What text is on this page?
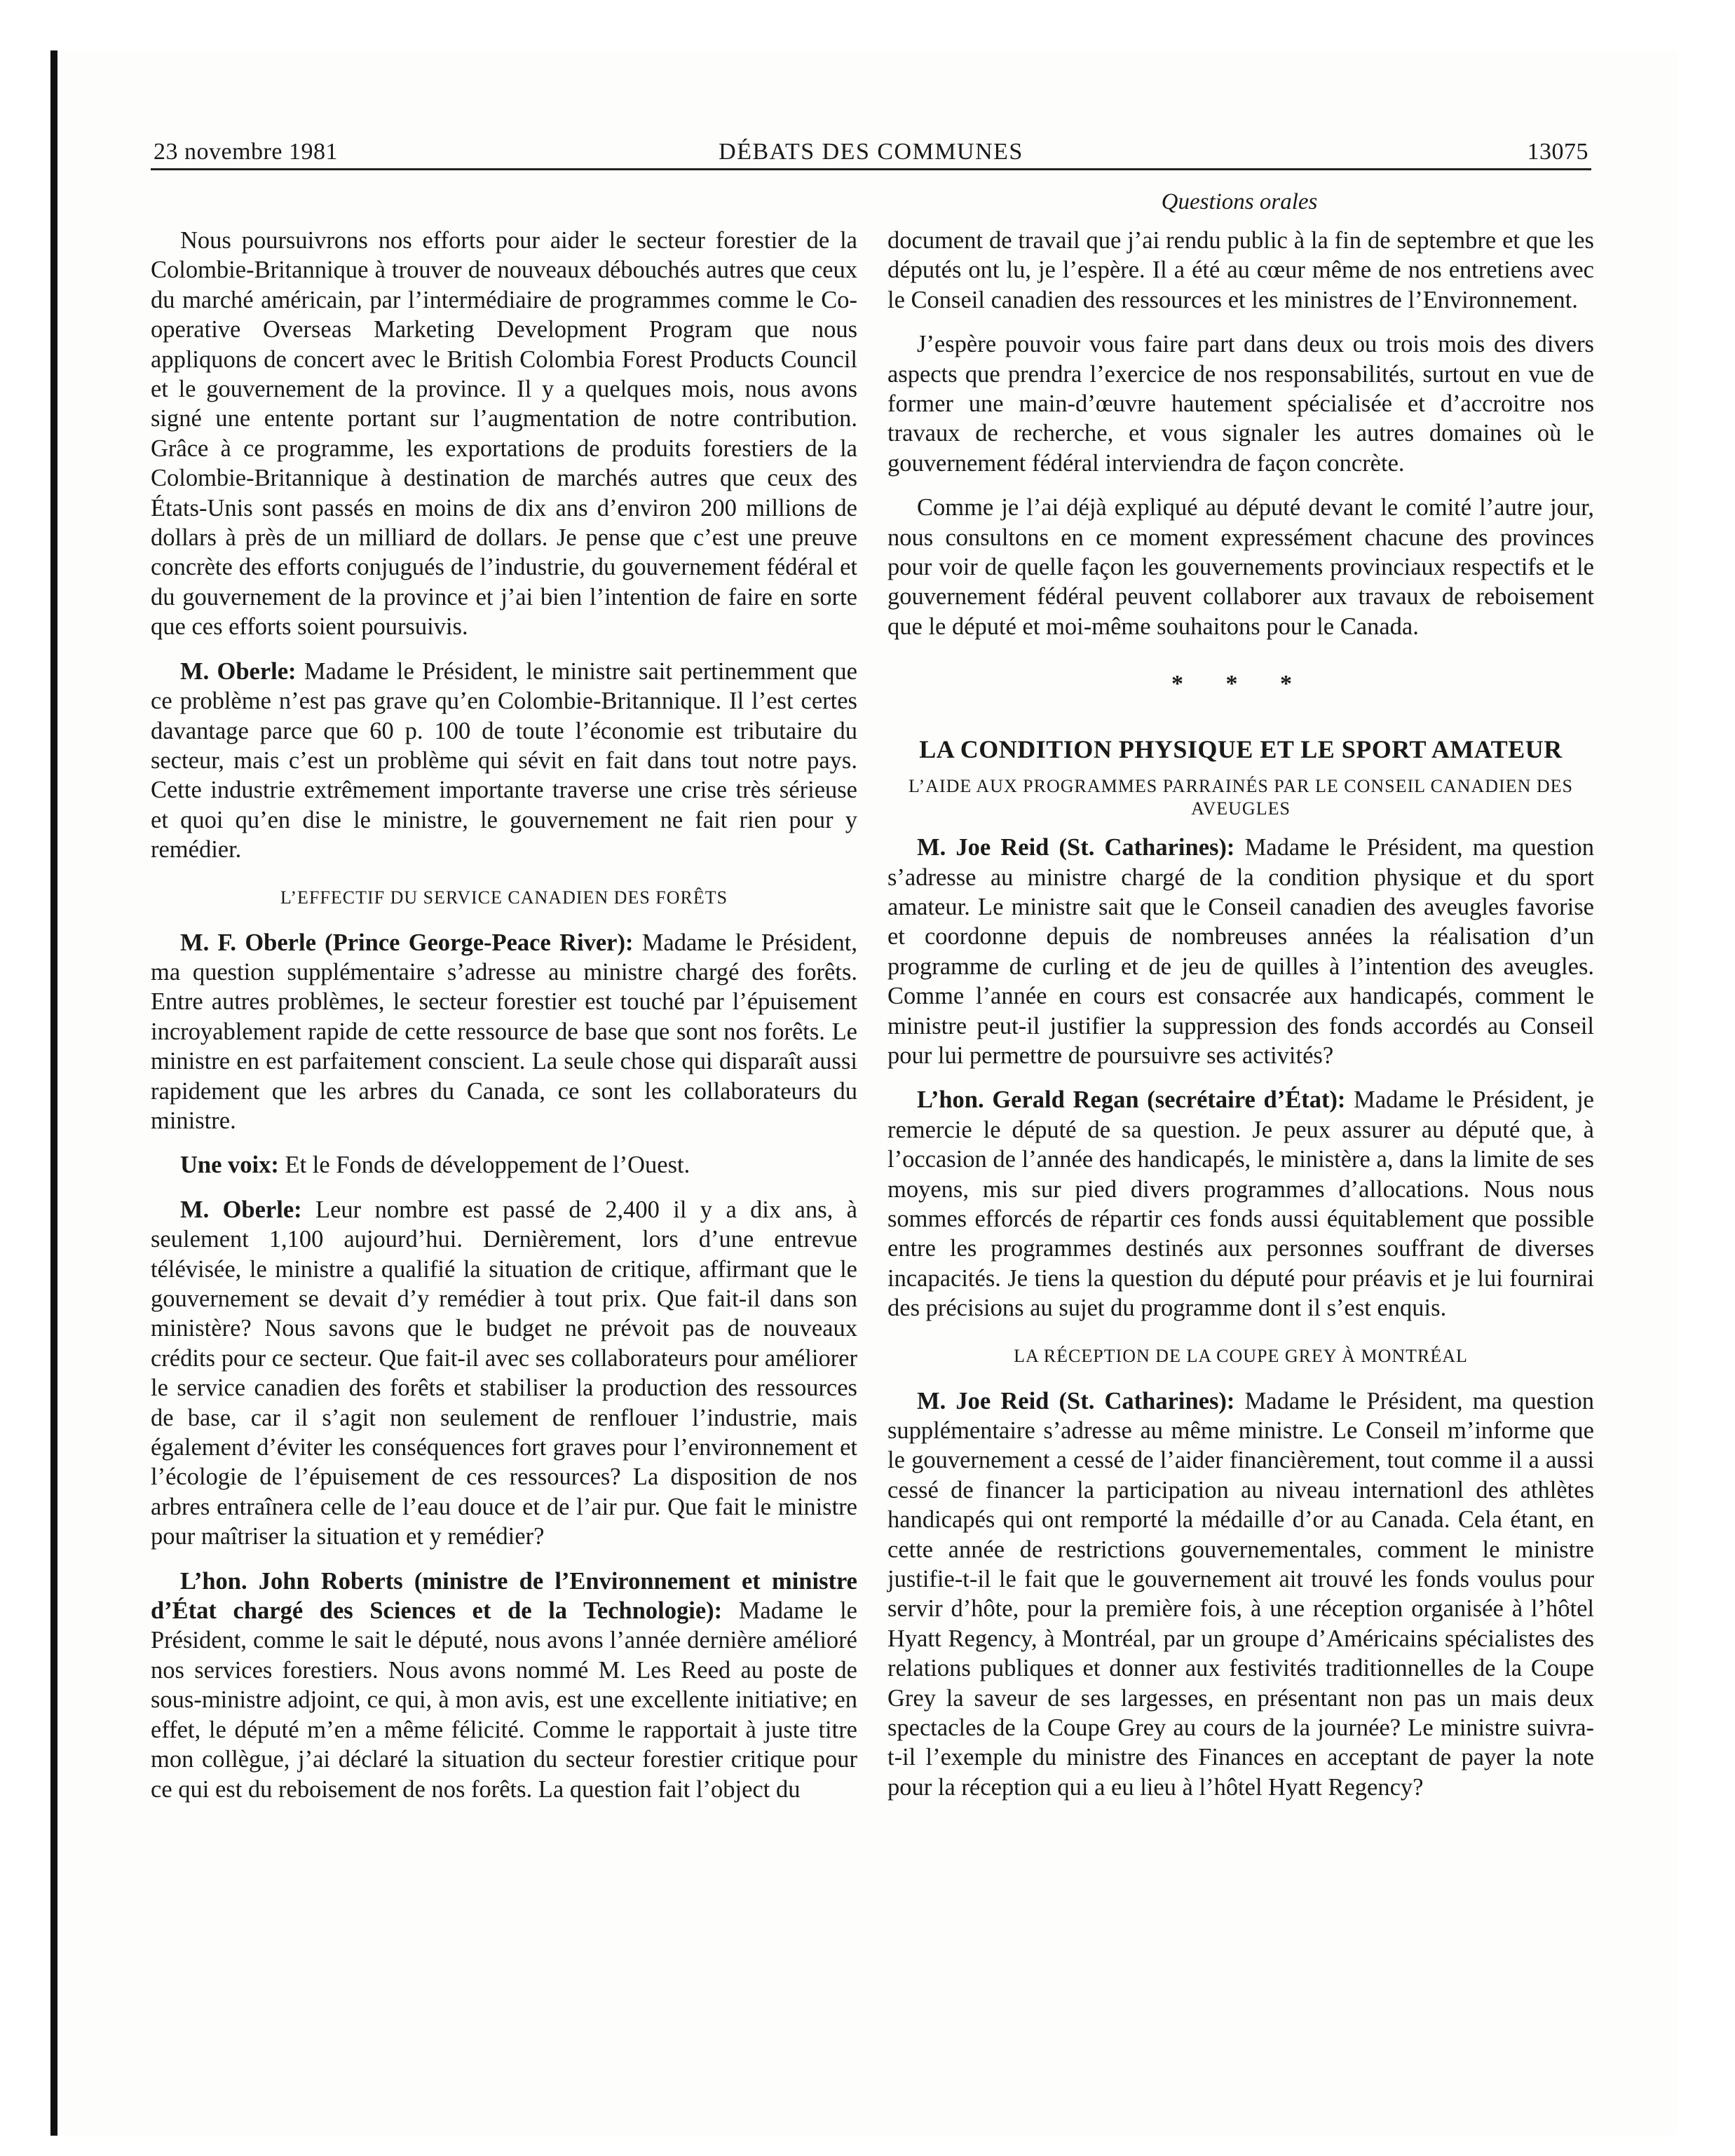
23 novembre 1981	DÉBATS DES COMMUNES	13075
Questions orales

Nous poursuivrons nos efforts pour aider le secteur forestier de la Colombie-Britannique à trouver de nouveaux débouchés autres que ceux du marché américain, par l’intermédiaire de programmes comme le Co-operative Overseas Marketing Development Program que nous appliquons de concert avec le British Colombia Forest Products Council et le gouvernement de la province. Il y a quelques mois, nous avons signé une entente portant sur l’augmentation de notre contribution. Grâce à ce programme, les exportations de produits forestiers de la Colombie-Britannique à destination de marchés autres que ceux des États-Unis sont passés en moins de dix ans d’environ 200 millions de dollars à près de un milliard de dollars. Je pense que c’est une preuve concrète des efforts conjugués de l’industrie, du gouvernement fédéral et du gouvernement de la province et j’ai bien l’intention de faire en sorte que ces efforts soient poursuivis.

M. Oberle: Madame le Président, le ministre sait pertinemment que ce problème n’est pas grave qu’en Colombie-Britannique. Il l’est certes davantage parce que 60 p. 100 de toute l’économie est tributaire du secteur, mais c’est un problème qui sévit en fait dans tout notre pays. Cette industrie extrêmement importante traverse une crise très sérieuse et quoi qu’en dise le ministre, le gouvernement ne fait rien pour y remédier.

L’EFFECTIF DU SERVICE CANADIEN DES FORÊTS

M. F. Oberle (Prince George-Peace River): Madame le Président, ma question supplémentaire s’adresse au ministre chargé des forêts. Entre autres problèmes, le secteur forestier est touché par l’épuisement incroyablement rapide de cette ressource de base que sont nos forêts. Le ministre en est parfaitement conscient. La seule chose qui disparaît aussi rapidement que les arbres du Canada, ce sont les collaborateurs du ministre.

Une voix: Et le Fonds de développement de l’Ouest.

M. Oberle: Leur nombre est passé de 2,400 il y a dix ans, à seulement 1,100 aujourd’hui. Dernièrement, lors d’une entrevue télévisée, le ministre a qualifié la situation de critique, affirmant que le gouvernement se devait d’y remédier à tout prix. Que fait-il dans son ministère? Nous savons que le budget ne prévoit pas de nouveaux crédits pour ce secteur. Que fait-il avec ses collaborateurs pour améliorer le service canadien des forêts et stabiliser la production des ressources de base, car il s’agit non seulement de renflouer l’industrie, mais également d’éviter les conséquences fort graves pour l’environnement et l’écologie de l’épuisement de ces ressources? La disposition de nos arbres entraînera celle de l’eau douce et de l’air pur. Que fait le ministre pour maîtriser la situation et y remédier?

L’hon. John Roberts (ministre de l’Environnement et ministre d’État chargé des Sciences et de la Technologie): Madame le Président, comme le sait le député, nous avons l’année dernière amélioré nos services forestiers. Nous avons nommé M. Les Reed au poste de sous-ministre adjoint, ce qui, à mon avis, est une excellente initiative; en effet, le député m’en a même félicité. Comme le rapportait à juste titre mon collègue, j’ai déclaré la situation du secteur forestier critique pour ce qui est du reboisement de nos forêts. La question fait l’object du

document de travail que j’ai rendu public à la fin de septembre et que les députés ont lu, je l’espère. Il a été au cœur même de nos entretiens avec le Conseil canadien des ressources et les ministres de l’Environnement.

J’espère pouvoir vous faire part dans deux ou trois mois des divers aspects que prendra l’exercice de nos responsabilités, surtout en vue de former une main-d’œuvre hautement spécialisée et d’accroitre nos travaux de recherche, et vous signaler les autres domaines où le gouvernement fédéral interviendra de façon concrète.

Comme je l’ai déjà expliqué au député devant le comité l’autre jour, nous consultons en ce moment expressément chacune des provinces pour voir de quelle façon les gouvernements provinciaux respectifs et le gouvernement fédéral peuvent collaborer aux travaux de reboisement que le député et moi-même souhaitons pour le Canada.

* * *
LA CONDITION PHYSIQUE ET LE SPORT AMATEUR
L’AIDE AUX PROGRAMMES PARRAINÉS PAR LE CONSEIL CANADIEN DES AVEUGLES

M. Joe Reid (St. Catharines): Madame le Président, ma question s’adresse au ministre chargé de la condition physique et du sport amateur. Le ministre sait que le Conseil canadien des aveugles favorise et coordonne depuis de nombreuses années la réalisation d’un programme de curling et de jeu de quilles à l’intention des aveugles. Comme l’année en cours est consacrée aux handicapés, comment le ministre peut-il justifier la suppression des fonds accordés au Conseil pour lui permettre de poursuivre ses activités?

L’hon. Gerald Regan (secrétaire d’État): Madame le Président, je remercie le député de sa question. Je peux assurer au député que, à l’occasion de l’année des handicapés, le ministère a, dans la limite de ses moyens, mis sur pied divers programmes d’allocations. Nous nous sommes efforcés de répartir ces fonds aussi équitablement que possible entre les programmes destinés aux personnes souffrant de diverses incapacités. Je tiens la question du député pour préavis et je lui fournirai des précisions au sujet du programme dont il s’est enquis.

LA RÉCEPTION DE LA COUPE GREY À MONTRÉAL

M. Joe Reid (St. Catharines): Madame le Président, ma question supplémentaire s’adresse au même ministre. Le Conseil m’informe que le gouvernement a cessé de l’aider financièrement, tout comme il a aussi cessé de financer la participation au niveau internationl des athlètes handicapés qui ont remporté la médaille d’or au Canada. Cela étant, en cette année de restrictions gouvernementales, comment le ministre justifie-t-il le fait que le gouvernement ait trouvé les fonds voulus pour servir d’hôte, pour la première fois, à une réception organisée à l’hôtel Hyatt Regency, à Montréal, par un groupe d’Américains spécialistes des relations publiques et donner aux festivités traditionnelles de la Coupe Grey la saveur de ses largesses, en présentant non pas un mais deux spectacles de la Coupe Grey au cours de la journée? Le ministre suivra-t-il l’exemple du ministre des Finances en acceptant de payer la note pour la réception qui a eu lieu à l’hôtel Hyatt Regency?
